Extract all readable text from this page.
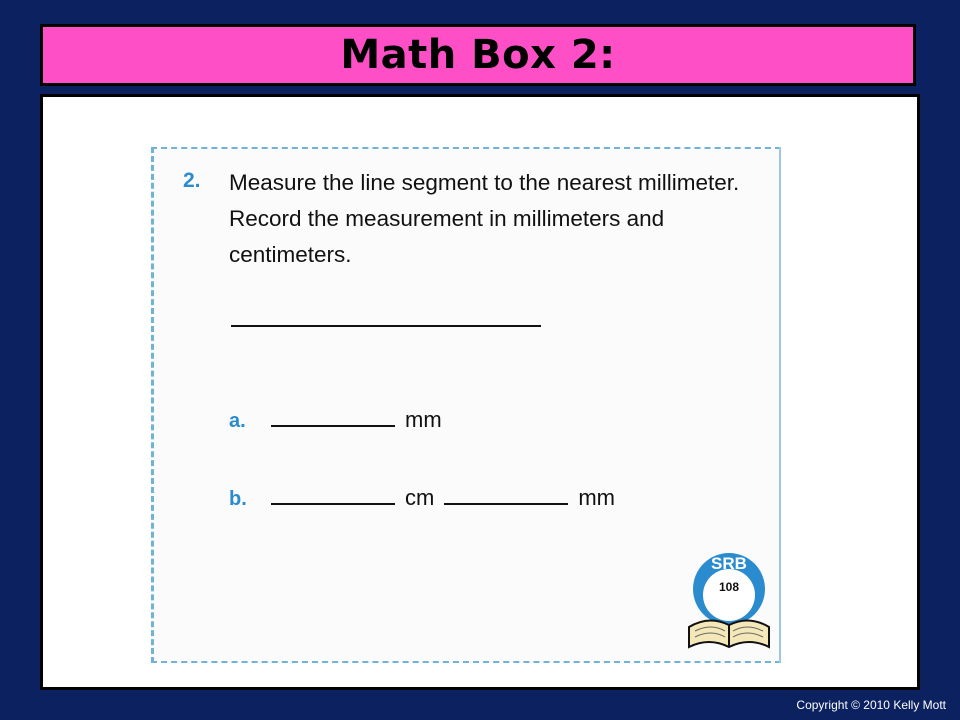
Math Box 2:
2. Measure the line segment to the nearest millimeter. Record the measurement in millimeters and centimeters.
a.	mm
b.	cm	mm
SRB
108
Copyright © 2010 Kelly Mott
